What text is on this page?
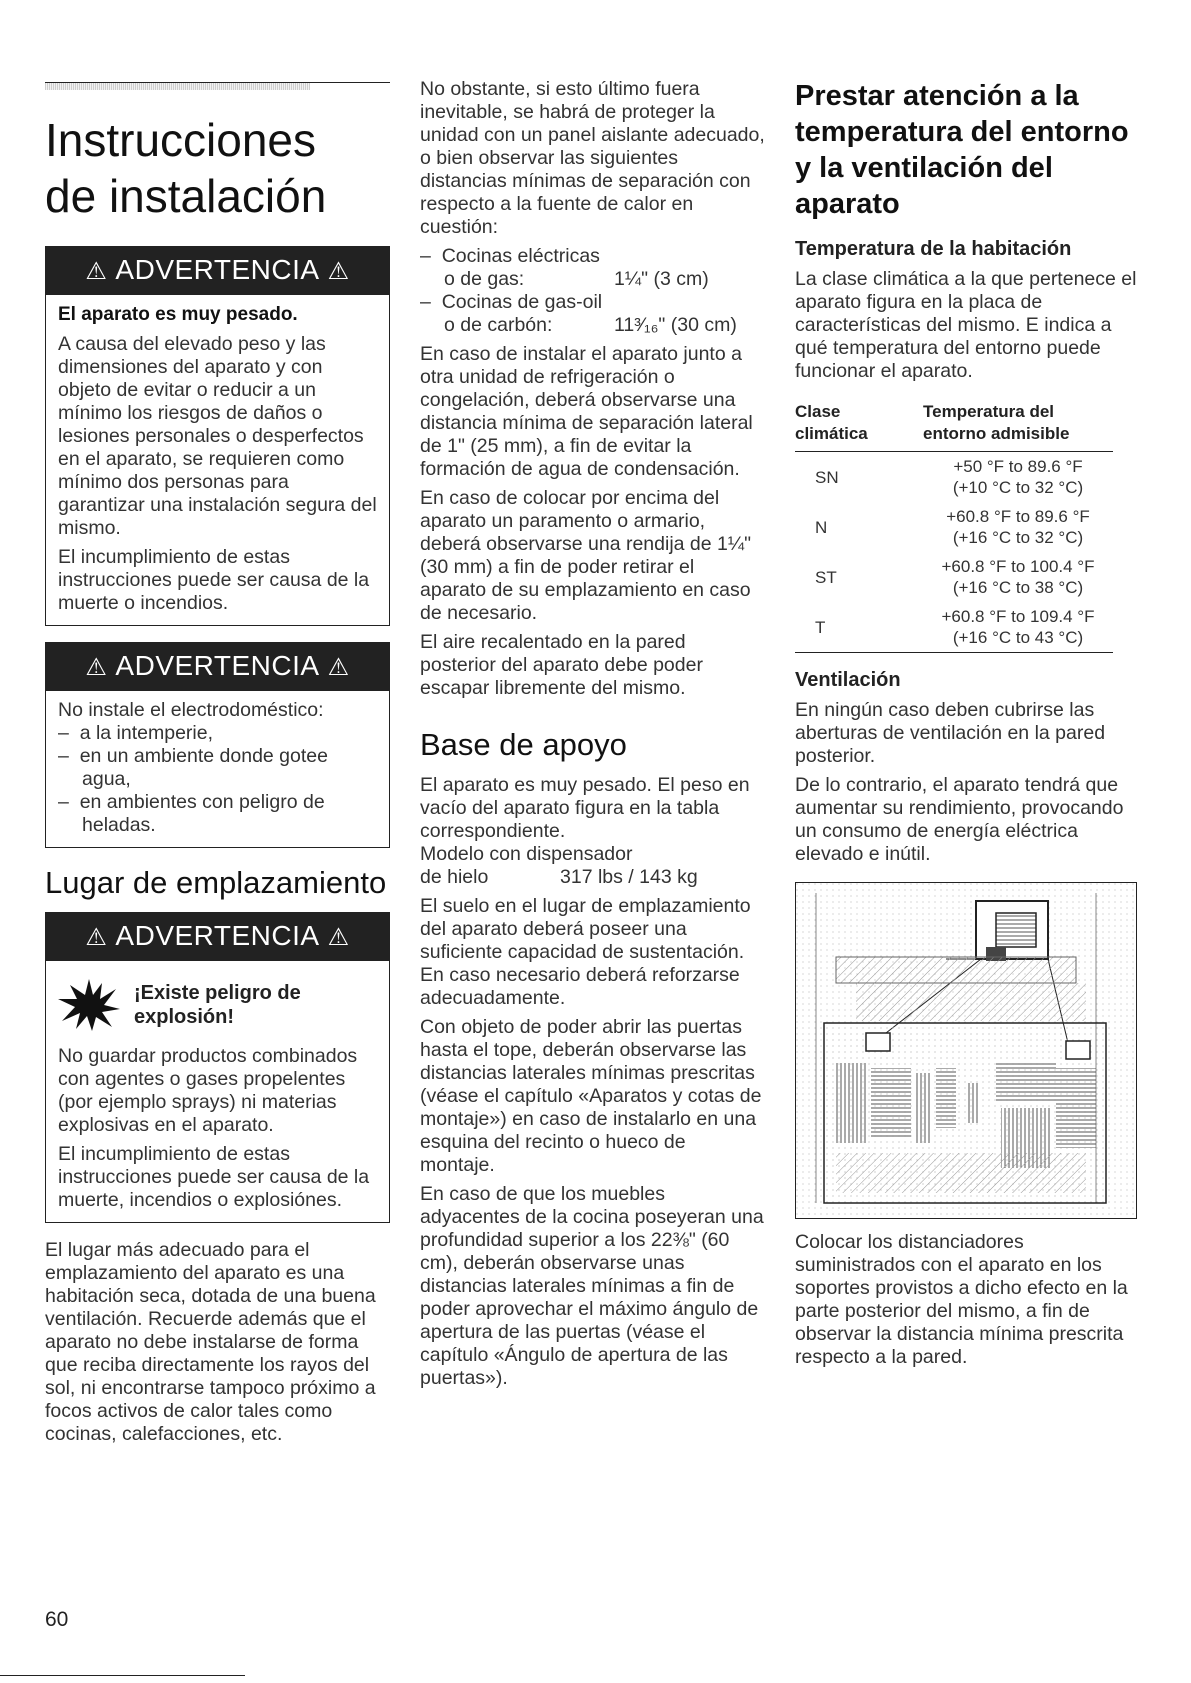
Instrucciones
de instalación
⚠ ADVERTENCIA ⚠
El aparato es muy pesado.

A causa del elevado peso y las dimensiones del aparato y con objeto de evitar o reducir a un mínimo los riesgos de daños o lesiones personales o desperfectos en el aparato, se requieren como mínimo dos personas para garantizar una instalación segura del mismo.

El incumplimiento de estas instrucciones puede ser causa de la muerte o incendios.

⚠ ADVERTENCIA ⚠

No instale el electrodoméstico:

–  a la intemperie,
–  en un ambiente donde gotee agua,
–  en ambientes con peligro de heladas.
Lugar de emplazamiento
⚠ ADVERTENCIA ⚠
¡Existe peligro de
explosión!

No guardar productos combinados con agentes o gases propelentes (por ejemplo sprays) ni materias explosivas en el aparato.

El incumplimiento de estas instrucciones puede ser causa de la muerte, incendios o explosiónes.

El lugar más adecuado para el emplazamiento del aparato es una habitación seca, dotada de una buena ventilación. Recuerde además que el aparato no debe instalarse de forma que reciba directamente los rayos del sol, ni encontrarse tampoco próximo a focos activos de calor tales como cocinas, calefacciones, etc.

No obstante, si esto último fuera inevitable, se habrá de proteger la unidad con un panel aislante adecuado, o bien observar las siguientes distancias mínimas de separación con respecto a la fuente de calor en cuestión:

– Cocinas eléctricas
o de gas:	1¼" (3 cm)
– Cocinas de gas-oil
o de carbón:	11³⁄₁₆" (30 cm)

En caso de instalar el aparato junto a otra unidad de refrigeración o congelación, deberá observarse una distancia mínima de separación lateral de 1" (25 mm), a fin de evitar la formación de agua de condensación.

En caso de colocar por encima del aparato un paramento o armario, deberá observarse una rendija de 1¼" (30 mm) a fin de poder retirar el aparato de su emplazamiento en caso de necesario.

El aire recalentado en la pared posterior del aparato debe poder escapar libremente del mismo.

Base de apoyo

El aparato es muy pesado. El peso en vacío del aparato figura en la tabla correspondiente.

Modelo con dispensador
de hielo	317 lbs / 143 kg

El suelo en el lugar de emplazamiento del aparato deberá poseer una suficiente capacidad de sustentación. En caso necesario deberá reforzarse adecuadamente.

Con objeto de poder abrir las puertas hasta el tope, deberán observarse las distancias laterales mínimas prescritas (véase el capítulo «Aparatos y cotas de montaje») en caso de instalarlo en una esquina del recinto o hueco de montaje.

En caso de que los muebles adyacentes de la cocina poseyeran una profundidad superior a los 22⅜" (60 cm), deberán observarse unas distancias laterales mínimas a fin de poder aprovechar el máximo ángulo de apertura de las puertas (véase el capítulo «Ángulo de apertura de las puertas»).

Prestar atención a la temperatura del entorno y la ventilación del aparato
Temperatura de la habitación

La clase climática a la que pertenece el aparato figura en la placa de características del mismo. E indica a qué temperatura del entorno puede funcionar el aparato.

Clase
climática	Temperatura del
entorno admisible
SN	+50 °F to 89.6 °F
(+10 °C to 32 °C)
N	+60.8 °F to 89.6 °F
(+16 °C to 32 °C)
ST	+60.8 °F to 100.4 °F
(+16 °C to 38 °C)
T	+60.8 °F to 109.4 °F
(+16 °C to 43 °C)
Ventilación

En ningún caso deben cubrirse las aberturas de ventilación en la pared posterior.

De lo contrario, el aparato tendrá que aumentar su rendimiento, provocando un consumo de energía eléctrica elevado e inútil.

Colocar los distanciadores suministrados con el aparato en los soportes provistos a dicho efecto en la parte posterior del mismo, a fin de observar la distancia mínima prescrita respecto a la pared.

60
